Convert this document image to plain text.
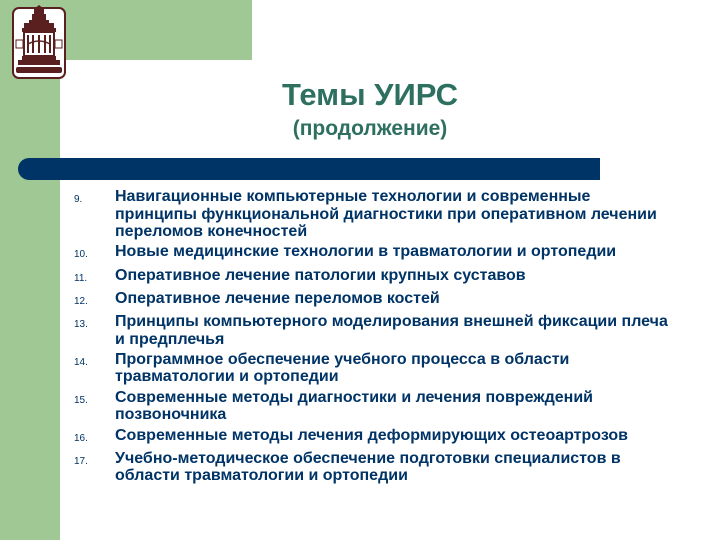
Темы УИРС
(продолжение)
9.	Навигационные компьютерные технологии и современные принципы функциональной диагностики при оперативном лечении переломов конечностей
10.	Новые медицинские технологии в травматологии и ортопедии
11.	Оперативное лечение патологии крупных суставов
12.	Оперативное лечение переломов костей
13.	Принципы компьютерного моделирования внешней фиксации плеча и предплечья
14.	Программное обеспечение учебного процесса в области травматологии и ортопедии
15.	Современные методы диагностики и лечения повреждений позвоночника
16.	Современные методы лечения деформирующих остеоартрозов
17.	Учебно-методическое обеспечение подготовки специалистов в области травматологии и ортопедии
